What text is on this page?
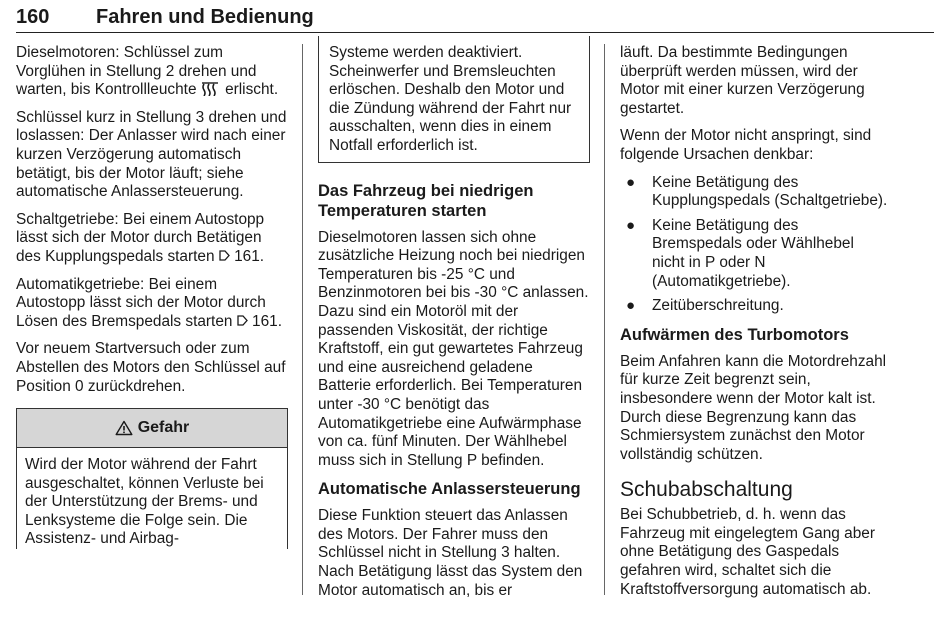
160 Fahren und Bedienung

Dieselmotoren: Schlüssel zum Vorglühen in Stellung 2 drehen und warten, bis Kontrollleuchte  erlischt.

Schlüssel kurz in Stellung 3 drehen und loslassen: Der Anlasser wird nach einer kurzen Verzögerung automatisch betätigt, bis der Motor läuft; siehe automatische Anlassersteuerung.

Schaltgetriebe: Bei einem Autostopp lässt sich der Motor durch Betätigen des Kupplungspedals starten  161.

Automatikgetriebe: Bei einem Autostopp lässt sich der Motor durch Lösen des Bremspedals starten  161.

Vor neuem Startversuch oder zum Abstellen des Motors den Schlüssel auf Position 0 zurückdrehen.

Gefahr
Wird der Motor während der Fahrt ausgeschaltet, können Verluste bei der Unterstützung der Brems- und Lenksysteme die Folge sein. Die Assistenz- und Airbag-
Systeme werden deaktiviert. Scheinwerfer und Bremsleuchten erlöschen. Deshalb den Motor und die Zündung während der Fahrt nur ausschalten, wenn dies in einem Notfall erforderlich ist.
Das Fahrzeug bei niedrigen Temperaturen starten

Dieselmotoren lassen sich ohne zusätzliche Heizung noch bei niedrigen Temperaturen bis -25 °C und Benzinmotoren bei bis -30 °C anlassen. Dazu sind ein Motoröl mit der passenden Viskosität, der richtige Kraftstoff, ein gut gewartetes Fahrzeug und eine ausreichend geladene Batterie erforderlich. Bei Temperaturen unter -30 °C benötigt das Automatikgetriebe eine Aufwärmphase von ca. fünf Minuten. Der Wählhebel muss sich in Stellung P befinden.

Automatische Anlassersteuerung

Diese Funktion steuert das Anlassen des Motors. Der Fahrer muss den Schlüssel nicht in Stellung 3 halten. Nach Betätigung lässt das System den Motor automatisch an, bis er

läuft. Da bestimmte Bedingungen überprüft werden müssen, wird der Motor mit einer kurzen Verzögerung gestartet.

Wenn der Motor nicht anspringt, sind folgende Ursachen denkbar:

● Keine Betätigung des Kupplungspedals (Schaltgetriebe).
● Keine Betätigung des Bremspedals oder Wählhebel nicht in P oder N (Automatikgetriebe).
● Zeitüberschreitung.
Aufwärmen des Turbomotors

Beim Anfahren kann die Motordrehzahl für kurze Zeit begrenzt sein, insbesondere wenn der Motor kalt ist. Durch diese Begrenzung kann das Schmiersystem zunächst den Motor vollständig schützen.

Schubabschaltung

Bei Schubbetrieb, d. h. wenn das Fahrzeug mit eingelegtem Gang aber ohne Betätigung des Gaspedals gefahren wird, schaltet sich die Kraftstoffversorgung automatisch ab.
